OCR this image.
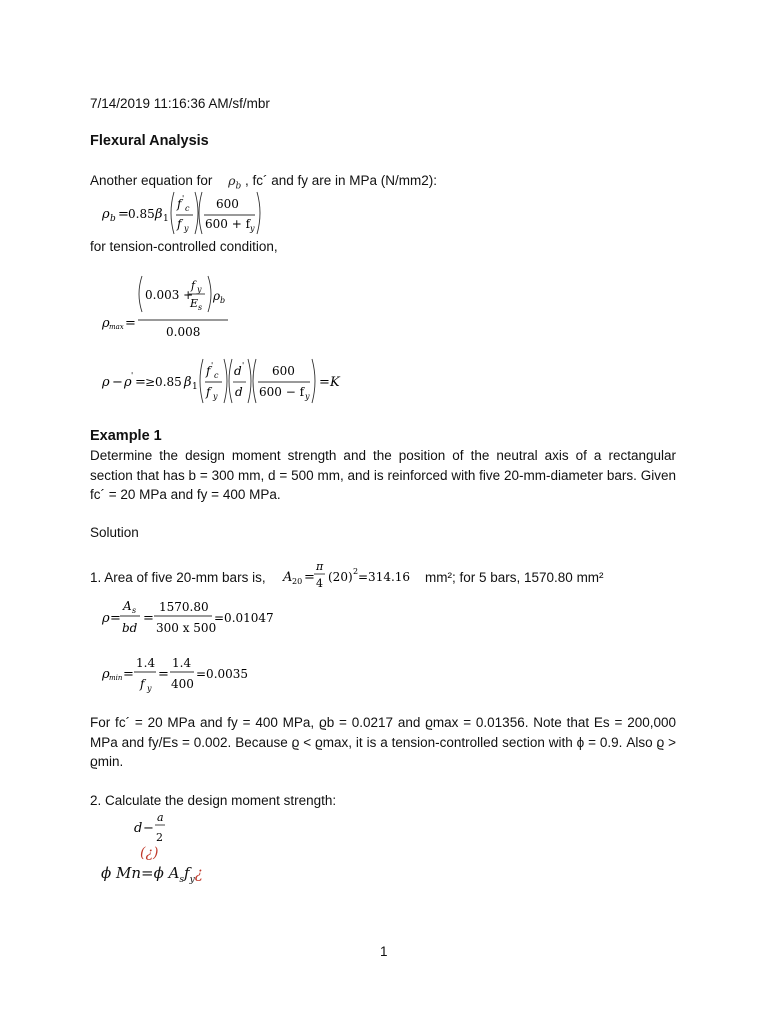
7/14/2019 11:16:36 AM/sf/mbr
Flexural Analysis
Another equation for $\rho_b$ , fc´ and fy are in MPa (N/mm2):
ρ b = 0.85 β 1
f '
c
f y
600
600 + f y
for tension-controlled condition,
ρ max =
0.003 +
f y
E s
ρ b
0.008
ρ − ρ ' = ≥0.85 β 1
f '
c
f y
d '
d
600
600 − f y
= K
Example 1
Determine the design moment strength and the position of the neutral axis of a rectangular section that has b = 300 mm, d = 500 mm, and is reinforced with five 20-mm-diameter bars. Given fc´ = 20 MPa and fy = 400 MPa.
Solution
1. Area of five 20-mm bars is, A 20 =
π
4 (20) 2 =314.16 mm²; for 5 bars, 1570.80 mm²
ρ =
A s
bd
=
1570.80
300 x 500
=0.01047
ρ min =
1.4
f y
=
1.4
400
=0.0035
For fc´ = 20 MPa and fy = 400 MPa, ϱb = 0.0217 and ϱmax = 0.01356. Note that Es = 200,000 MPa and fy/Es = 0.002. Because ϱ < ϱmax, it is a tension-controlled section with ϕ = 0.9. Also ϱ > ϱmin.
2. Calculate the design moment strength:
d −
a
2
(¿)
ϕ Mn=ϕ $A_sf_y¿$
1
